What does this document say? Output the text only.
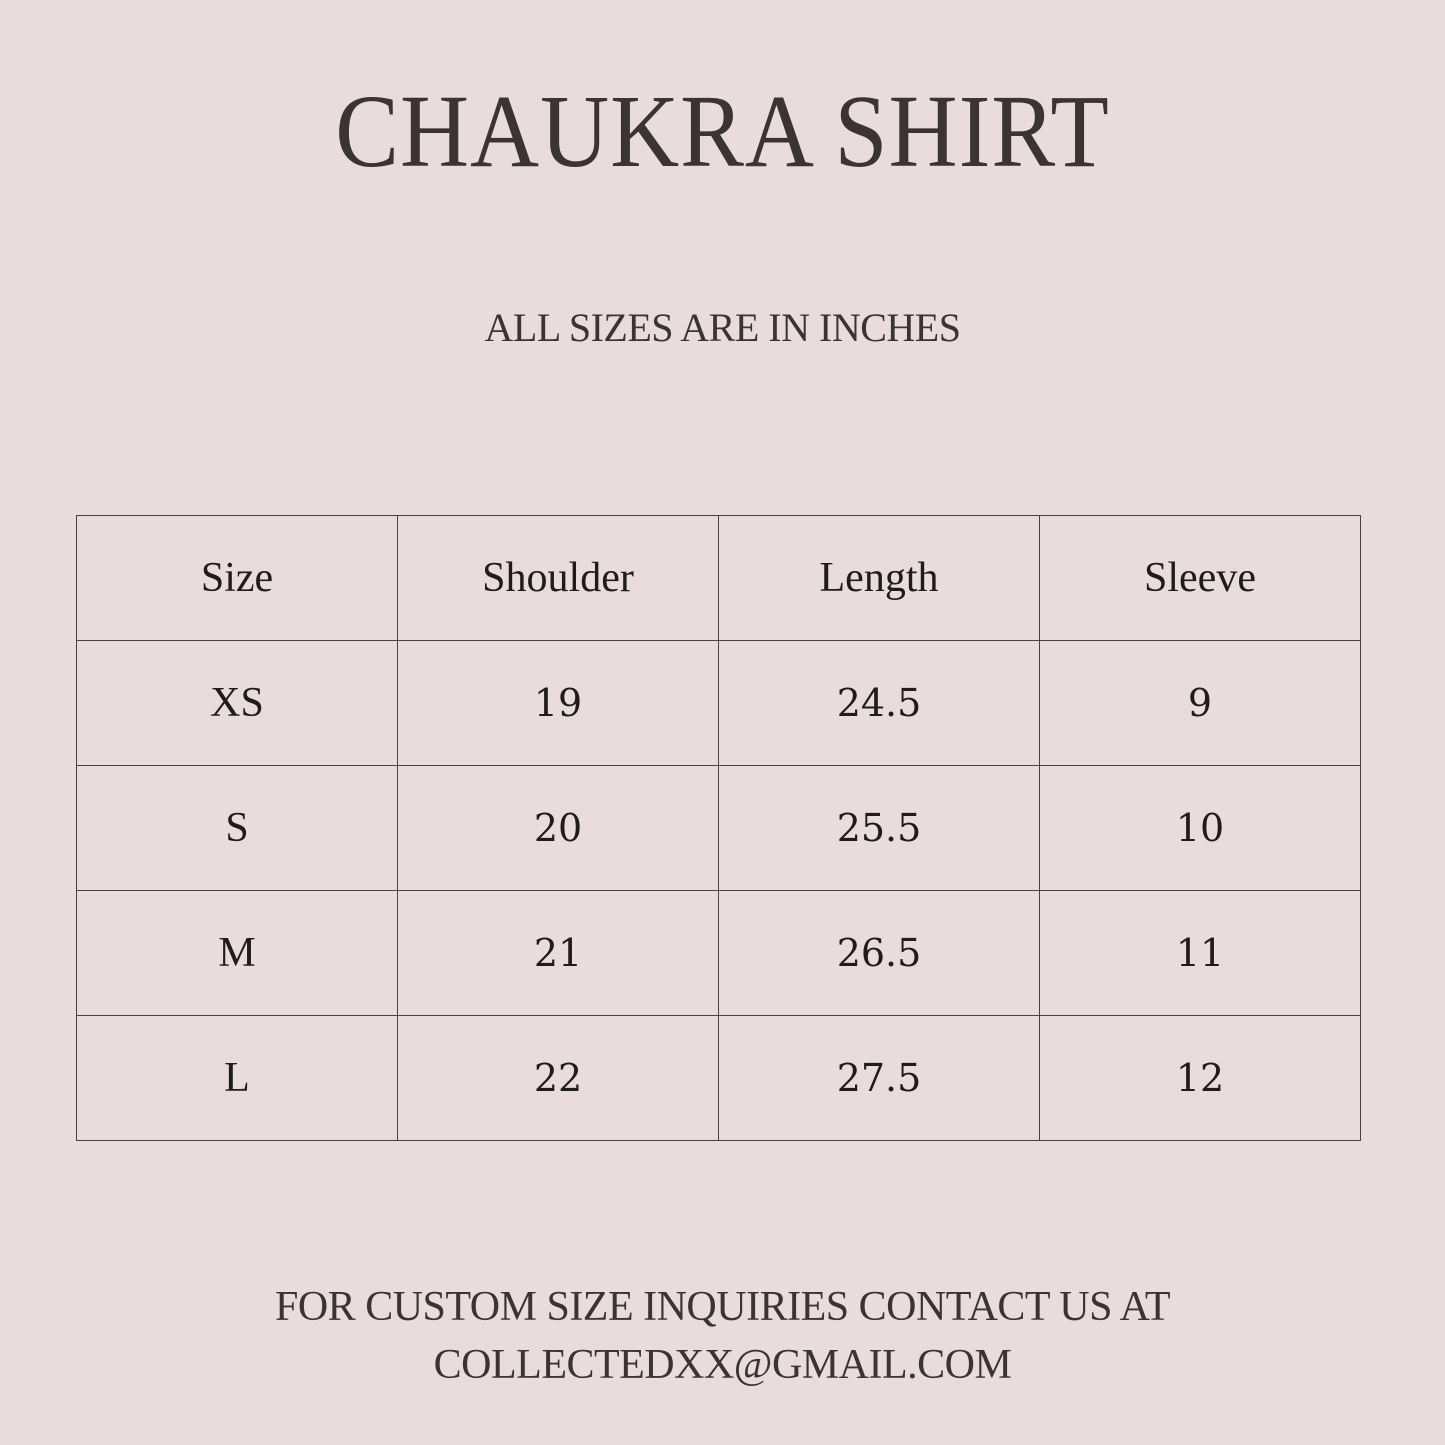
CHAUKRA SHIRT

ALL SIZES ARE IN INCHES

Size	Shoulder	Length	Sleeve
XS	19	24.5	9
S	20	25.5	10
M	21	26.5	11
L	22	27.5	12

FOR CUSTOM SIZE INQUIRIES CONTACT US AT
COLLECTEDXX@GMAIL.COM
